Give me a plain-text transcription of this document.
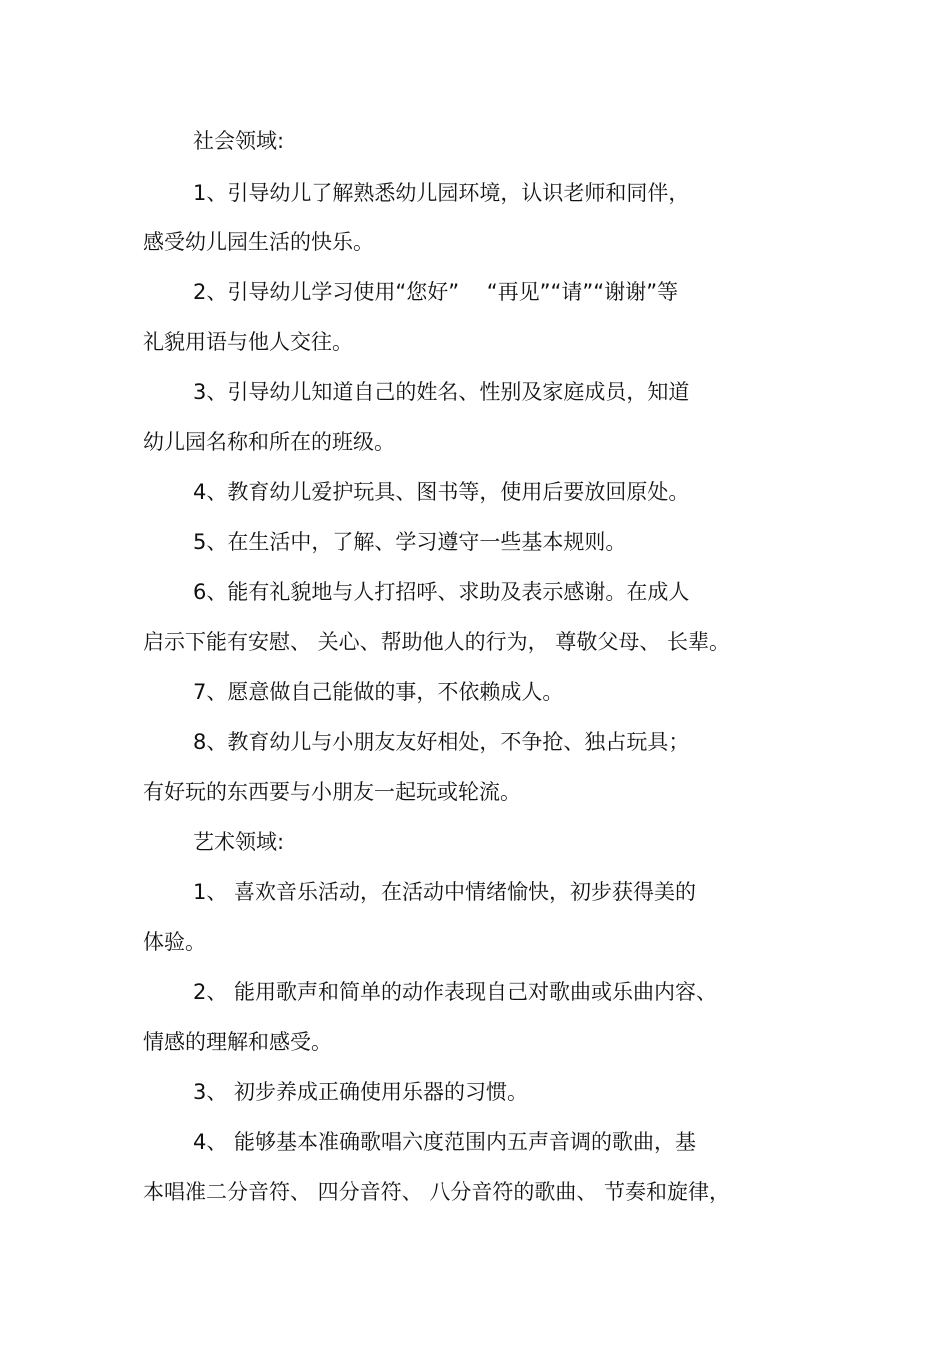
社会领域:
1、引导幼儿了解熟悉幼儿园环境，认识老师和同伴，
感受幼儿园生活的快乐。
2、引导幼儿学习使用“您好”　 “再见”“请”“谢谢”等
礼貌用语与他人交往。
3、引导幼儿知道自己的姓名、性别及家庭成员，知道
幼儿园名称和所在的班级。
4、教育幼儿爱护玩具、图书等，使用后要放回原处。
5、在生活中，了解、学习遵守一些基本规则。
6、能有礼貌地与人打招呼、求助及表示感谢。在成人
启示下能有安慰、 关心、帮助他人的行为， 尊敬父母、 长辈。
7、愿意做自己能做的事，不依赖成人。
8、教育幼儿与小朋友友好相处，不争抢、独占玩具；
有好玩的东西要与小朋友一起玩或轮流。
艺术领域:
1、 喜欢音乐活动，在活动中情绪愉快，初步获得美的
体验。
2、 能用歌声和简单的动作表现自己对歌曲或乐曲内容、
情感的理解和感受。
3、 初步养成正确使用乐器的习惯。
4、 能够基本准确歌唱六度范围内五声音调的歌曲，基
本唱准二分音符、 四分音符、 八分音符的歌曲、 节奏和旋律，
